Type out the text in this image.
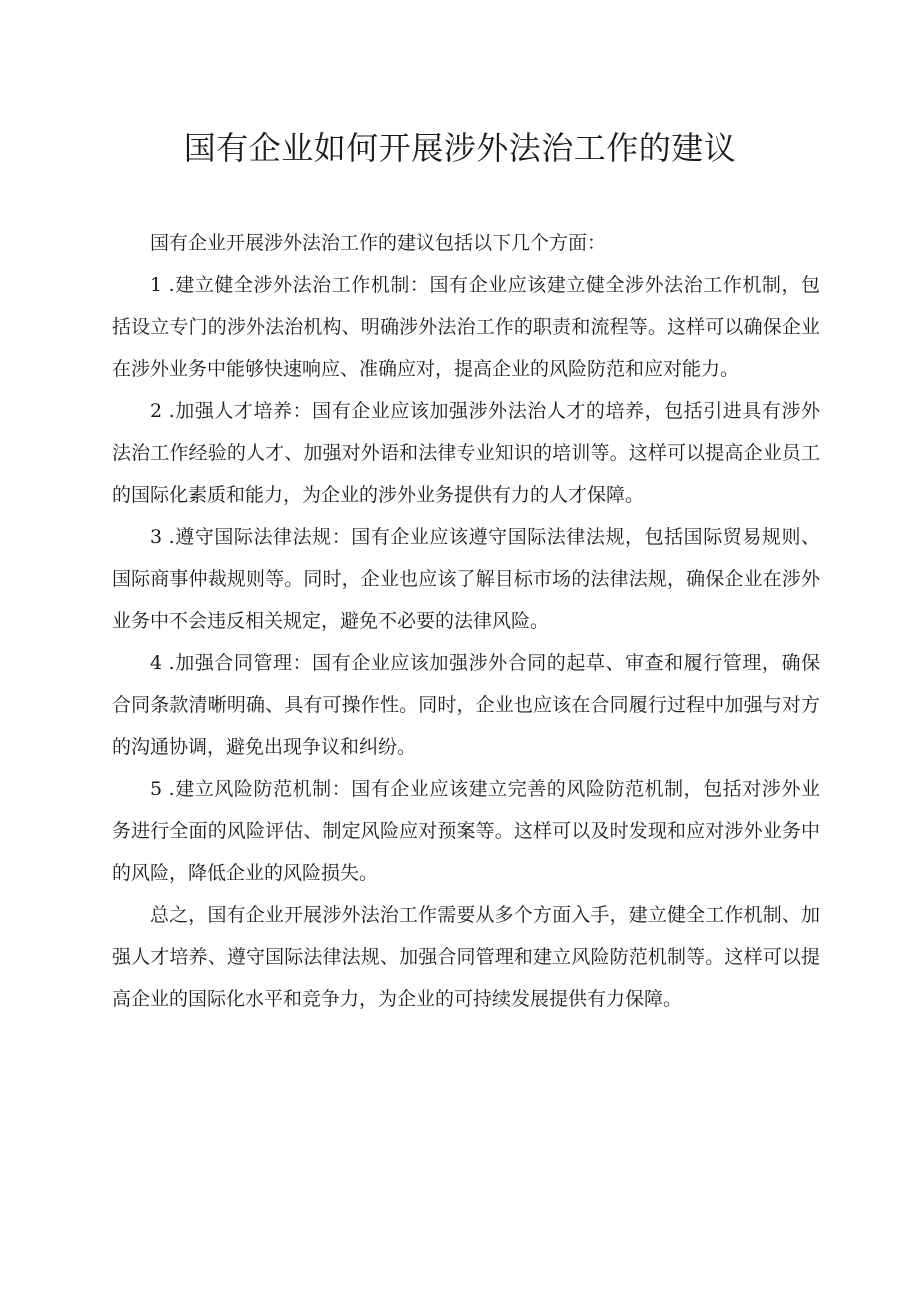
国有企业如何开展涉外法治工作的建议

国有企业开展涉外法治工作的建议包括以下几个方面：

1 .建立健全涉外法治工作机制：国有企业应该建立健全涉外法治工作机制，包括设立专门的涉外法治机构、明确涉外法治工作的职责和流程等。这样可以确保企业在涉外业务中能够快速响应、准确应对，提高企业的风险防范和应对能力。

2 .加强人才培养：国有企业应该加强涉外法治人才的培养，包括引进具有涉外法治工作经验的人才、加强对外语和法律专业知识的培训等。这样可以提高企业员工的国际化素质和能力，为企业的涉外业务提供有力的人才保障。

3 .遵守国际法律法规：国有企业应该遵守国际法律法规，包括国际贸易规则、国际商事仲裁规则等。同时，企业也应该了解目标市场的法律法规，确保企业在涉外业务中不会违反相关规定，避免不必要的法律风险。

4 .加强合同管理：国有企业应该加强涉外合同的起草、审查和履行管理，确保合同条款清晰明确、具有可操作性。同时，企业也应该在合同履行过程中加强与对方的沟通协调，避免出现争议和纠纷。

5 .建立风险防范机制：国有企业应该建立完善的风险防范机制，包括对涉外业务进行全面的风险评估、制定风险应对预案等。这样可以及时发现和应对涉外业务中的风险，降低企业的风险损失。

总之，国有企业开展涉外法治工作需要从多个方面入手，建立健全工作机制、加强人才培养、遵守国际法律法规、加强合同管理和建立风险防范机制等。这样可以提高企业的国际化水平和竞争力，为企业的可持续发展提供有力保障。
